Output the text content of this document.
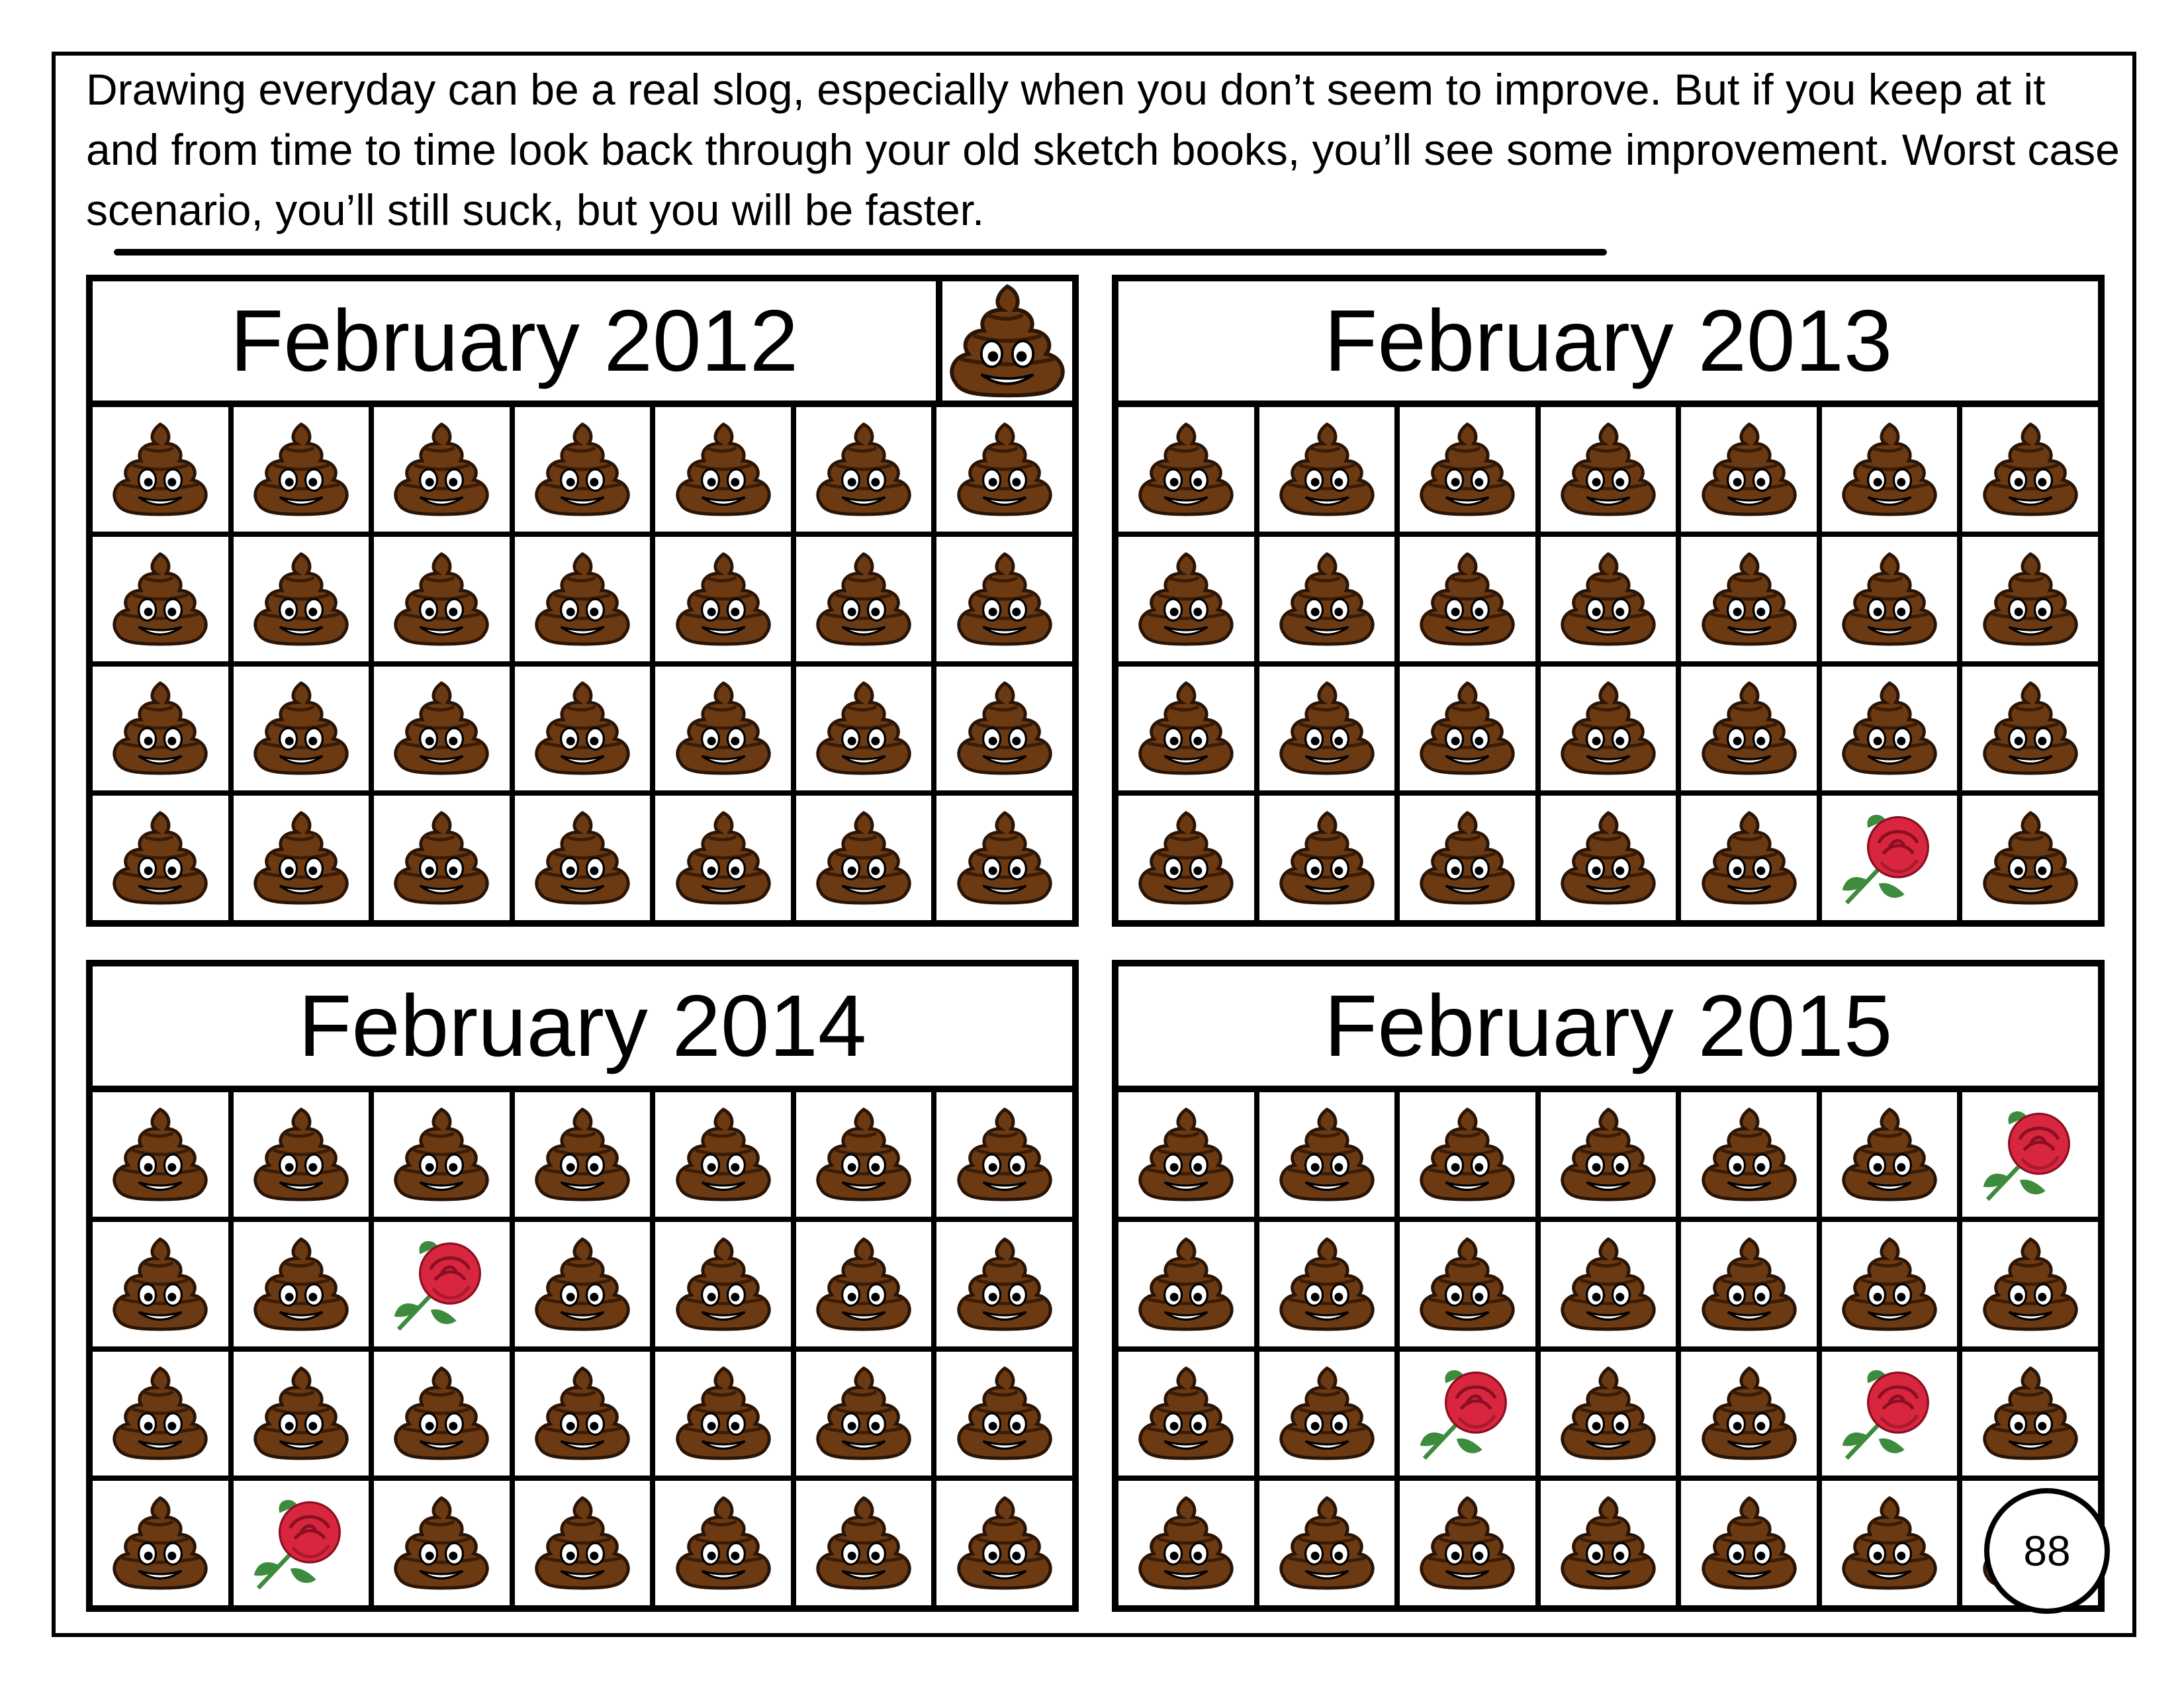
Drawing everyday can be a real slog, especially when you don’t seem to improve. But if you keep at it and from time to time look back through your old sketch books, you’ll see some improvement. Worst case scenario, you’ll still suck, but you will be faster.

February 2012	February 2013
February 2014	February 2015
88
